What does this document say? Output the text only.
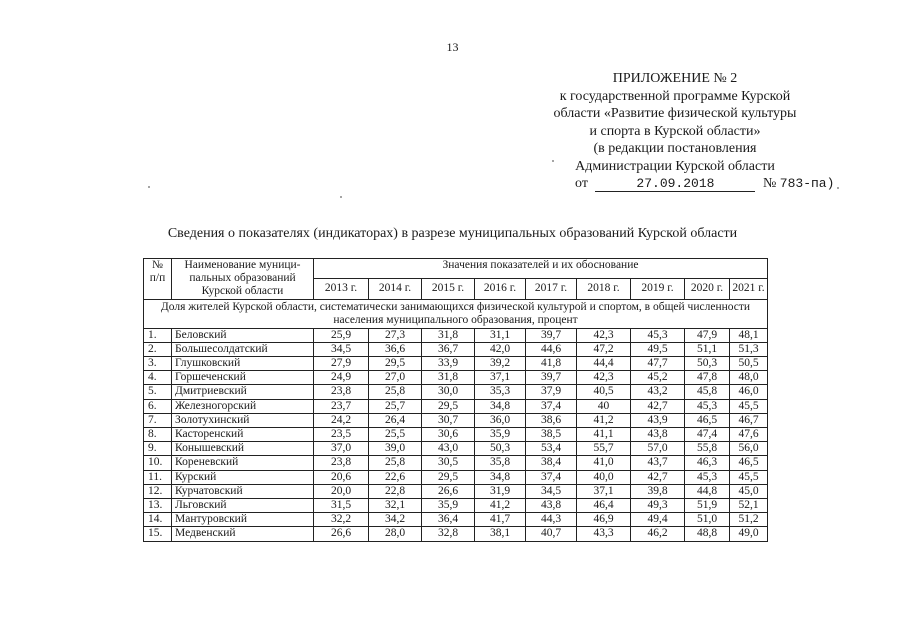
13
ПРИЛОЖЕНИЕ № 2
к государственной программе Курской
области «Развитие физической культуры
и спорта в Курской области»
(в редакции постановления
Администрации Курской области
от	27.09.2018	№ 783-па)
Сведения о показателях (индикаторах) в разрезе муниципальных образований Курской области
№ п/п	Наименование муници-пальных образований Курской области	Значения показателей и их обоснование								
		2013 г.	2014 г.	2015 г.	2016 г.	2017 г.	2018 г.	2019 г.	2020 г.	2021 г.
Доля жителей Курской области, систематически занимающихся физической культурой и спортом, в общей численности населения муниципального образования, процент										
1.	Беловский	25,9	27,3	31,8	31,1	39,7	42,3	45,3	47,9	48,1
2.	Большесолдатский	34,5	36,6	36,7	42,0	44,6	47,2	49,5	51,1	51,3
3.	Глушковский	27,9	29,5	33,9	39,2	41,8	44,4	47,7	50,3	50,5
4.	Горшеченский	24,9	27,0	31,8	37,1	39,7	42,3	45,2	47,8	48,0
5.	Дмитриевский	23,8	25,8	30,0	35,3	37,9	40,5	43,2	45,8	46,0
6.	Железногорский	23,7	25,7	29,5	34,8	37,4	40	42,7	45,3	45,5
7.	Золотухинский	24,2	26,4	30,7	36,0	38,6	41,2	43,9	46,5	46,7
8.	Касторенский	23,5	25,5	30,6	35,9	38,5	41,1	43,8	47,4	47,6
9.	Конышевский	37,0	39,0	43,0	50,3	53,4	55,7	57,0	55,8	56,0
10.	Кореневский	23,8	25,8	30,5	35,8	38,4	41,0	43,7	46,3	46,5
11.	Курский	20,6	22,6	29,5	34,8	37,4	40,0	42,7	45,3	45,5
12.	Курчатовский	20,0	22,8	26,6	31,9	34,5	37,1	39,8	44,8	45,0
13.	Льговский	31,5	32,1	35,9	41,2	43,8	46,4	49,3	51,9	52,1
14.	Мантуровский	32,2	34,2	36,4	41,7	44,3	46,9	49,4	51,0	51,2
15.	Медвенский	26,6	28,0	32,8	38,1	40,7	43,3	46,2	48,8	49,0
